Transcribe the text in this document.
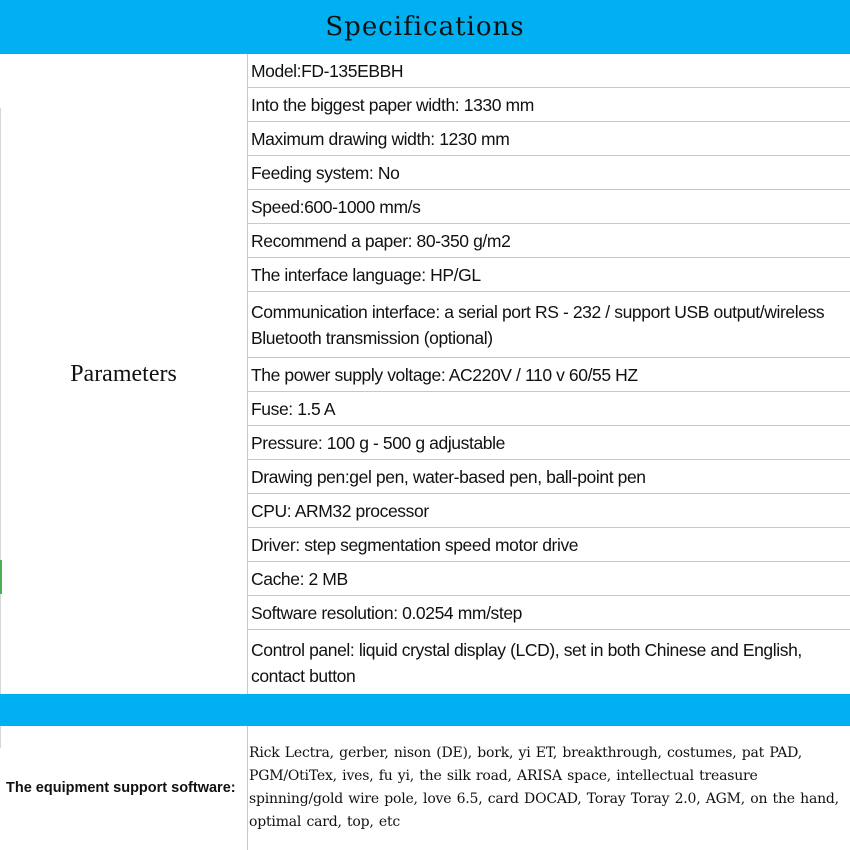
Specifications
Parameters
Model:FD-135EBBH
Into the biggest paper width: 1330 mm
Maximum drawing width: 1230 mm
Feeding system: No
Speed:600-1000 mm/s
Recommend a paper: 80-350 g/m2
The interface language: HP/GL
Communication interface: a serial port RS - 232 / support USB output/wireless Bluetooth transmission (optional)
The power supply voltage: AC220V / 110 v 60/55 HZ
Fuse: 1.5 A
Pressure: 100 g - 500 g adjustable
Drawing pen:gel pen, water-based pen, ball-point pen
CPU: ARM32 processor
Driver: step segmentation speed motor drive
Cache: 2 MB
Software resolution: 0.0254 mm/step
Control panel: liquid crystal display (LCD), set in both Chinese and English, contact button
The equipment support software:
Rick Lectra, gerber, nison (DE), bork, yi ET, breakthrough, costumes, pat PAD, PGM/OtiTex, ives, fu yi, the silk road, ARISA space, intellectual treasure spinning/gold wire pole, love 6.5, card DOCAD, Toray Toray 2.0, AGM, on the hand, optimal card, top, etc
